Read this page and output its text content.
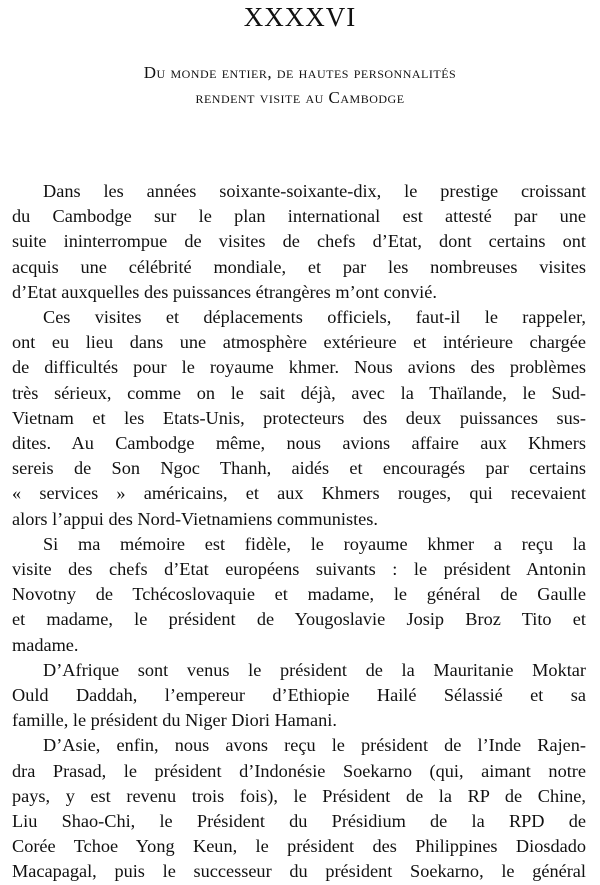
XXXXVI
Du monde entier, de hautes personnalités
rendent visite au Cambodge
Dans les années soixante-soixante-dix, le prestige croissant
du Cambodge sur le plan international est attesté par une
suite ininterrompue de visites de chefs d’Etat, dont certains ont
acquis une célébrité mondiale, et par les nombreuses visites
d’Etat auxquelles des puissances étrangères m’ont convié.
Ces visites et déplacements officiels, faut-il le rappeler,
ont eu lieu dans une atmosphère extérieure et intérieure chargée
de difficultés pour le royaume khmer. Nous avions des problèmes
très sérieux, comme on le sait déjà, avec la Thaïlande, le Sud-
Vietnam et les Etats-Unis, protecteurs des deux puissances sus-
dites. Au Cambodge même, nous avions affaire aux Khmers
sereis de Son Ngoc Thanh, aidés et encouragés par certains
« services » américains, et aux Khmers rouges, qui recevaient
alors l’appui des Nord-Vietnamiens communistes.
Si ma mémoire est fidèle, le royaume khmer a reçu la
visite des chefs d’Etat européens suivants : le président Antonin
Novotny de Tchécoslovaquie et madame, le général de Gaulle
et madame, le président de Yougoslavie Josip Broz Tito et
madame.
D’Afrique sont venus le président de la Mauritanie Moktar
Ould Daddah, l’empereur d’Ethiopie Hailé Sélassié et sa
famille, le président du Niger Diori Hamani.
D’Asie, enfin, nous avons reçu le président de l’Inde Rajen-
dra Prasad, le président d’Indonésie Soekarno (qui, aimant notre
pays, y est revenu trois fois), le Président de la RP de Chine,
Liu Shao-Chi, le Président du Présidium de la RPD de
Corée Tchoe Yong Keun, le président des Philippines Diosdado
Macapagal, puis le successeur du président Soekarno, le général
